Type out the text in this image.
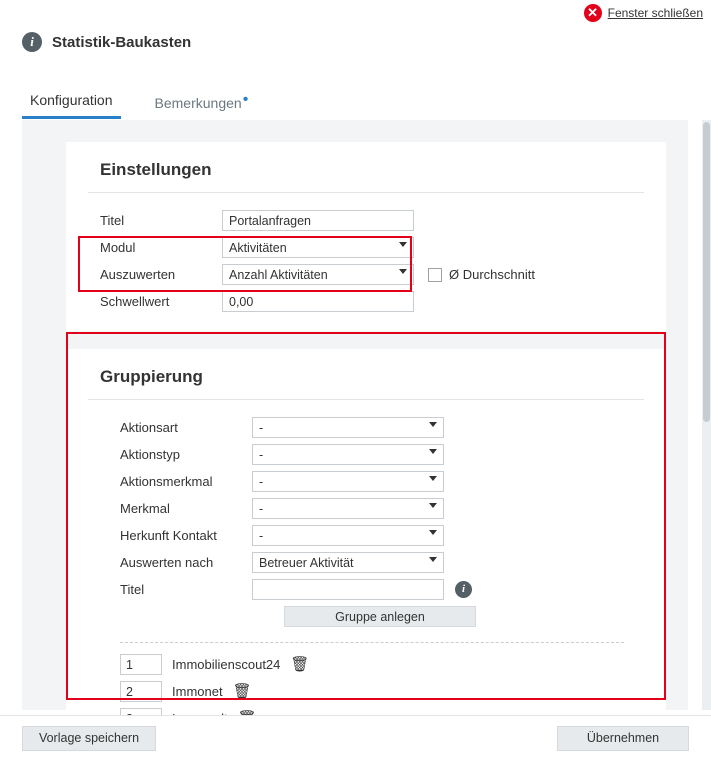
✕ Fenster schließen
i	Statistik-Baukasten
Konfiguration	Bemerkungen•
Einstellungen
Titel	Portalanfragen
Modul	Aktivitäten
Auszuwerten	Anzahl Aktivitäten	Ø Durchschnitt
Schwellwert	0,00
Gruppierung
Aktionsart	-
Aktionstyp	-
Aktionsmerkmal	-
Merkmal	-
Herkunft Kontakt	-
Auswerten nach	Betreuer Aktivität
Titel	i
Gruppe anlegen
1	Immobilienscout24 🗑
2	Immonet 🗑
Vorlage speichern	Übernehmen
